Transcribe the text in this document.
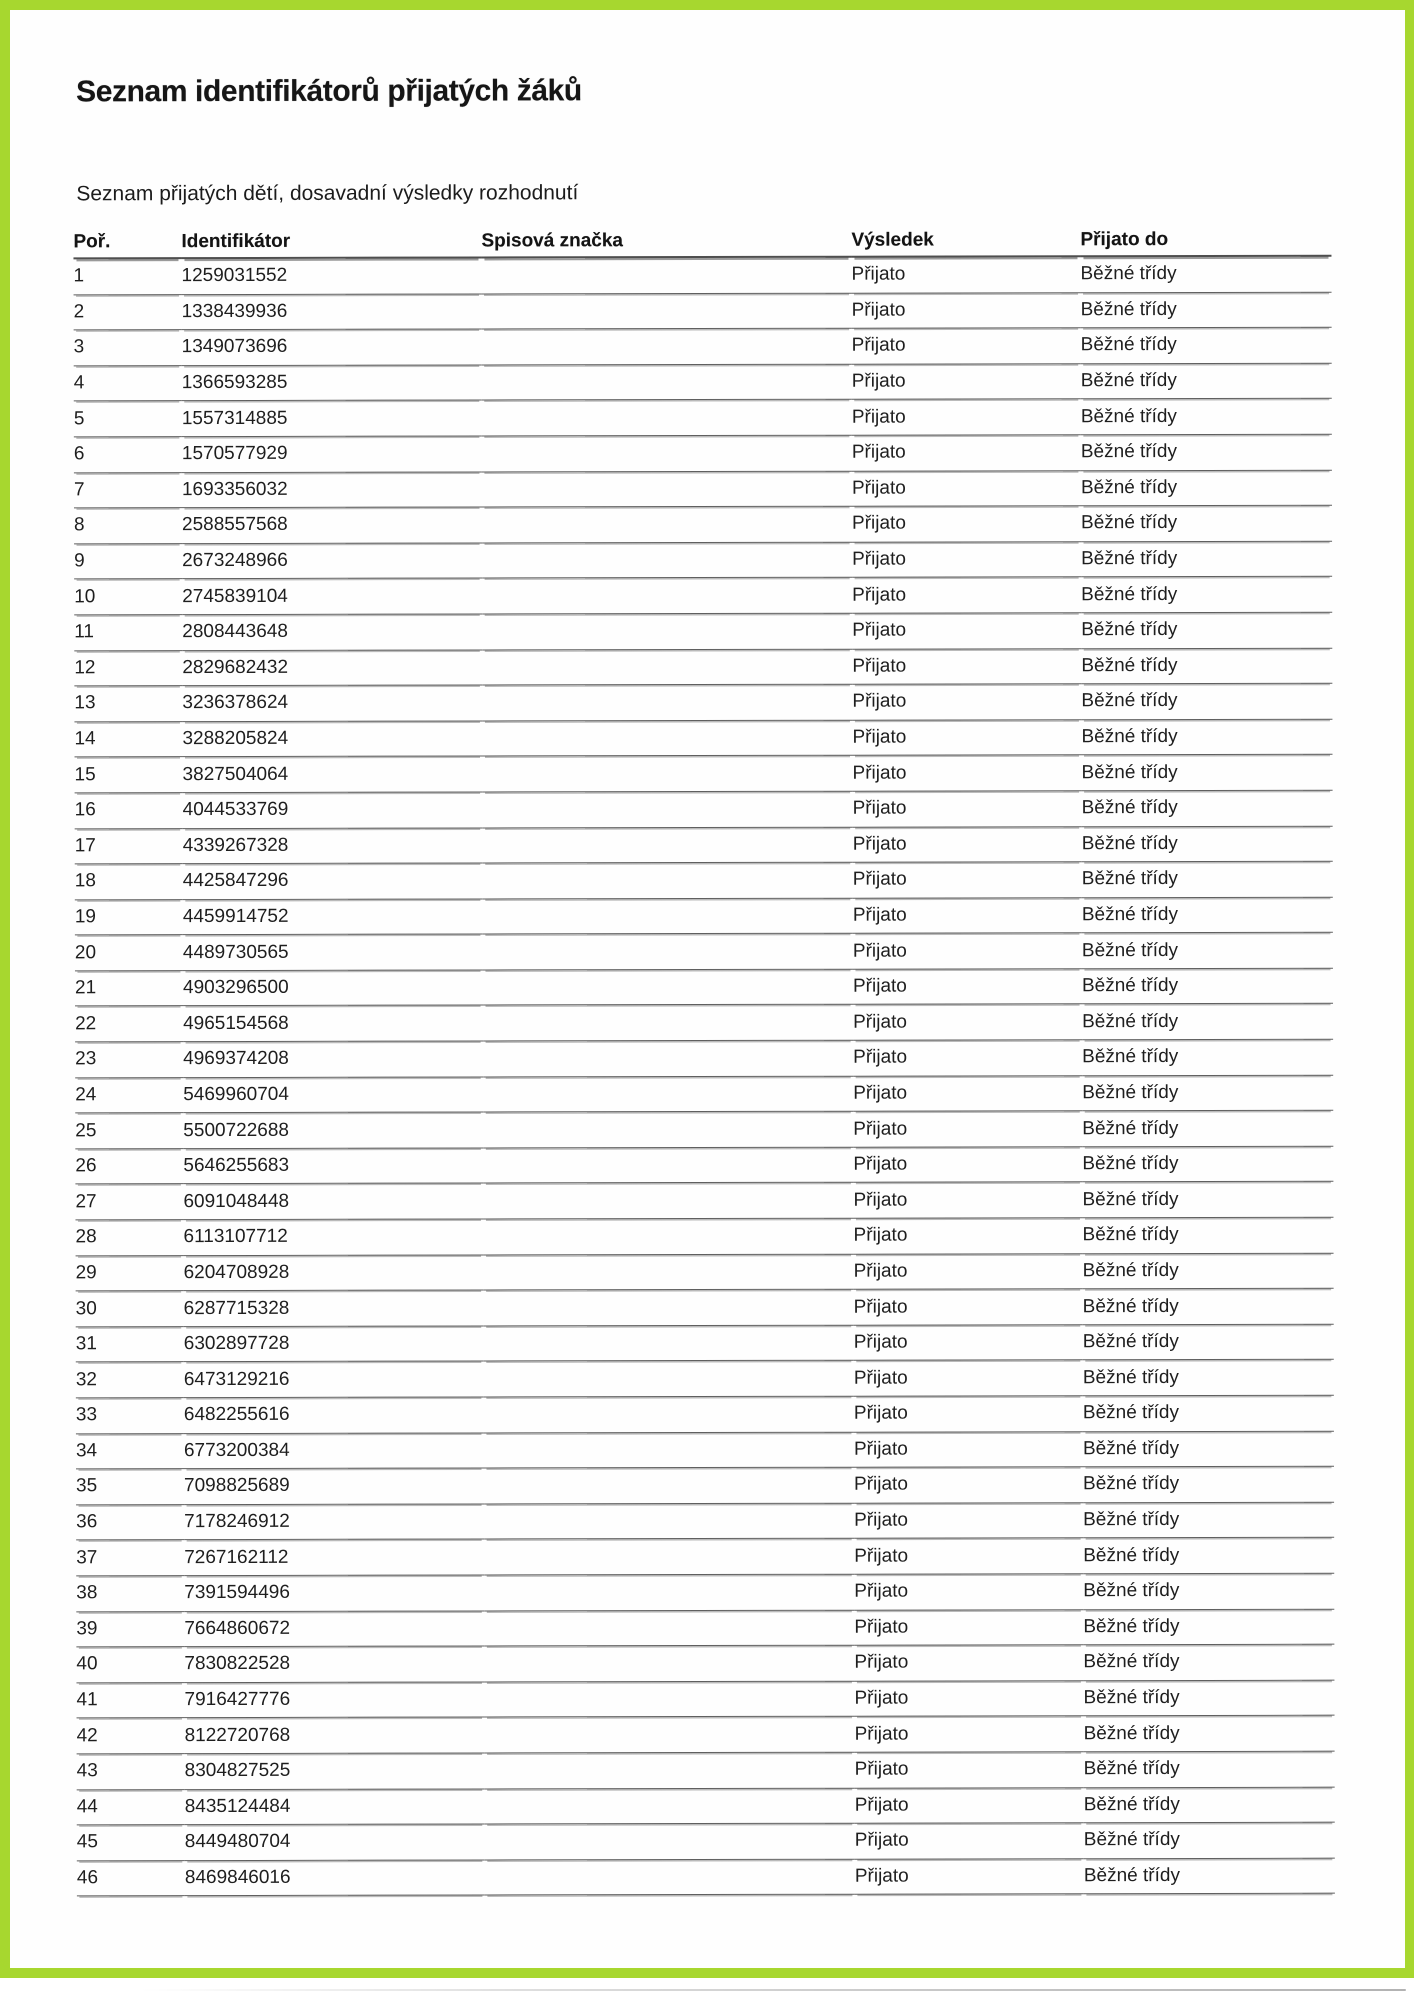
Seznam identifikátorů přijatých žáků
Seznam přijatých dětí, dosavadní výsledky rozhodnutí
Poř.	Identifikátor	Spisová značka	Výsledek	Přijato do
1	1259031552		Přijato	Běžné třídy
2	1338439936		Přijato	Běžné třídy
3	1349073696		Přijato	Běžné třídy
4	1366593285		Přijato	Běžné třídy
5	1557314885		Přijato	Běžné třídy
6	1570577929		Přijato	Běžné třídy
7	1693356032		Přijato	Běžné třídy
8	2588557568		Přijato	Běžné třídy
9	2673248966		Přijato	Běžné třídy
10	2745839104		Přijato	Běžné třídy
11	2808443648		Přijato	Běžné třídy
12	2829682432		Přijato	Běžné třídy
13	3236378624		Přijato	Běžné třídy
14	3288205824		Přijato	Běžné třídy
15	3827504064		Přijato	Běžné třídy
16	4044533769		Přijato	Běžné třídy
17	4339267328		Přijato	Běžné třídy
18	4425847296		Přijato	Běžné třídy
19	4459914752		Přijato	Běžné třídy
20	4489730565		Přijato	Běžné třídy
21	4903296500		Přijato	Běžné třídy
22	4965154568		Přijato	Běžné třídy
23	4969374208		Přijato	Běžné třídy
24	5469960704		Přijato	Běžné třídy
25	5500722688		Přijato	Běžné třídy
26	5646255683		Přijato	Běžné třídy
27	6091048448		Přijato	Běžné třídy
28	6113107712		Přijato	Běžné třídy
29	6204708928		Přijato	Běžné třídy
30	6287715328		Přijato	Běžné třídy
31	6302897728		Přijato	Běžné třídy
32	6473129216		Přijato	Běžné třídy
33	6482255616		Přijato	Běžné třídy
34	6773200384		Přijato	Běžné třídy
35	7098825689		Přijato	Běžné třídy
36	7178246912		Přijato	Běžné třídy
37	7267162112		Přijato	Běžné třídy
38	7391594496		Přijato	Běžné třídy
39	7664860672		Přijato	Běžné třídy
40	7830822528		Přijato	Běžné třídy
41	7916427776		Přijato	Běžné třídy
42	8122720768		Přijato	Běžné třídy
43	8304827525		Přijato	Běžné třídy
44	8435124484		Přijato	Běžné třídy
45	8449480704		Přijato	Běžné třídy
46	8469846016		Přijato	Běžné třídy
